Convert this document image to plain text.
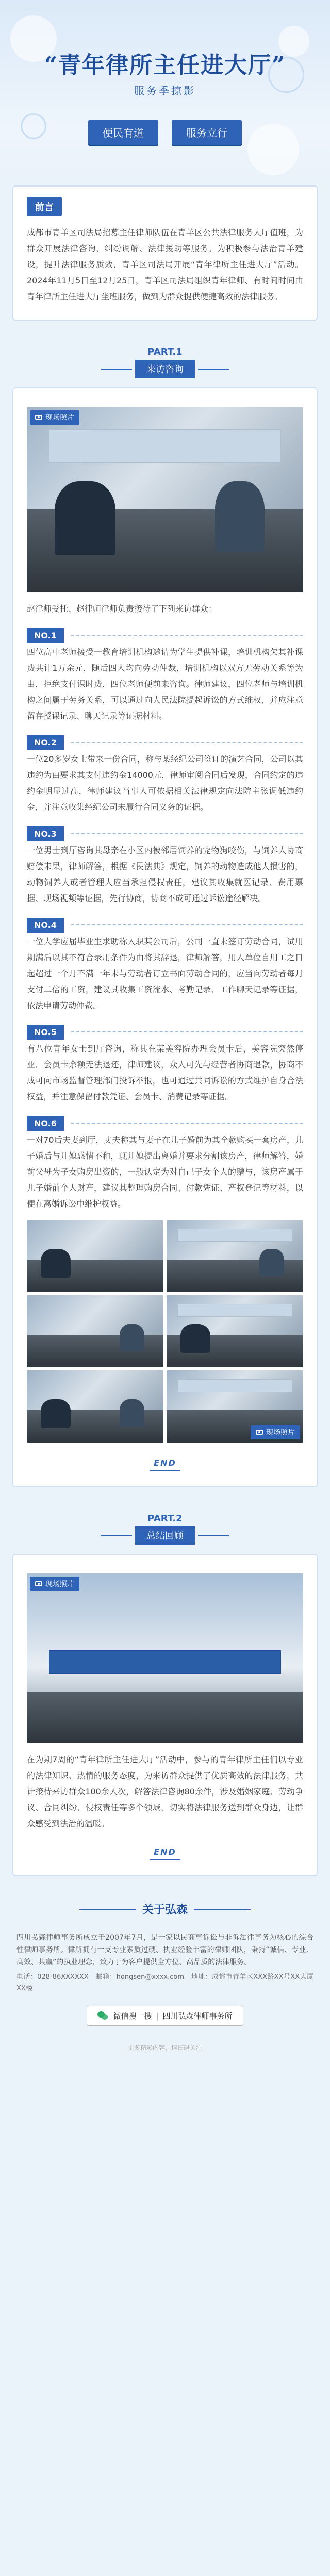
“青年律所主任进大厅”
服务季掠影
便民有道	服务立行
前言

成都市青羊区司法局招募主任律师队伍在青羊区公共法律服务大厅值班，为群众开展法律咨询、纠纷调解、法律援助等服务。为积极参与法治青羊建设，提升法律服务质效，青羊区司法局开展“青年律所主任进大厅”活动。2024年11月5日至12月25日，青羊区司法局组织青年律师、有时间时间由青年律所主任进大厅坐班服务，做到为群众提供便捷高效的法律服务。

PART.1
来访咨询
现场照片

赵律师受托、赵律师律师负责接待了下列来访群众：

NO.1

四位高中老师接受一教育培训机构邀请为学生提供补课，培训机构欠其补课费共计1万余元，随后四人均向劳动仲裁，培训机构以双方无劳动关系等为由，拒绝支付课时费，四位老师便前来咨询。律师建议，四位老师与培训机构之间属于劳务关系，可以通过向人民法院提起诉讼的方式维权，并应注意留存授课记录、聊天记录等证据材料。

NO.2

一位20多岁女士带来一份合同，称与某经纪公司签订的演艺合同，公司以其违约为由要求其支付违约金14000元，律师审阅合同后发现，合同约定的违约金明显过高，律师建议当事人可依据相关法律规定向法院主张调低违约金，并注意收集经纪公司未履行合同义务的证据。

NO.3

一位男士到厅咨询其母亲在小区内被邻居饲养的宠物狗咬伤，与饲养人协商赔偿未果，律师解答，根据《民法典》规定，饲养的动物造成他人损害的，动物饲养人或者管理人应当承担侵权责任，建议其收集就医记录、费用票据、现场视频等证据，先行协商，协商不成可通过诉讼途径解决。

NO.4

一位大学应届毕业生求助称入职某公司后，公司一直未签订劳动合同，试用期满后以其不符合录用条件为由将其辞退，律师解答，用人单位自用工之日起超过一个月不满一年未与劳动者订立书面劳动合同的，应当向劳动者每月支付二倍的工资，建议其收集工资流水、考勤记录、工作聊天记录等证据，依法申请劳动仲裁。

NO.5

有八位青年女士到厅咨询，称其在某美容院办理会员卡后，美容院突然停业，会员卡余额无法退还，律师建议，众人可先与经营者协商退款，协商不成可向市场监督管理部门投诉举报，也可通过共同诉讼的方式维护自身合法权益，并注意保留付款凭证、会员卡、消费记录等证据。

NO.6

一对70后夫妻到厅，丈夫称其与妻子在儿子婚前为其全款购买一套房产，儿子婚后与儿媳感情不和，现儿媳提出离婚并要求分割该房产，律师解答，婚前父母为子女购房出资的，一般认定为对自己子女个人的赠与，该房产属于儿子婚前个人财产，建议其整理购房合同、付款凭证、产权登记等材料，以便在离婚诉讼中维护权益。

现场照片
END
PART.2
总结回顾
现场照片

在为期7周的“青年律所主任进大厅”活动中，参与的青年律所主任们以专业的法律知识、热情的服务态度，为来访群众提供了优质高效的法律服务，共计接待来访群众100余人次，解答法律咨询80余件，涉及婚姻家庭、劳动争议、合同纠纷、侵权责任等多个领域，切实将法律服务送到群众身边，让群众感受到法治的温暖。

END
关于弘森

四川弘森律师事务所成立于2007年7月，是一家以民商事诉讼与非诉法律事务为核心的综合性律师事务所。律所拥有一支专业素质过硬、执业经验丰富的律师团队，秉持“诚信、专业、高效、共赢”的执业理念，致力于为客户提供全方位、高品质的法律服务。

电话：028-86XXXXXX　邮箱：hongsen@xxxx.com　地址：成都市青羊区XXX路XX号XX大厦XX楼

微信搜一搜 | 四川弘森律师事务所
更多精彩内容，请扫码关注
